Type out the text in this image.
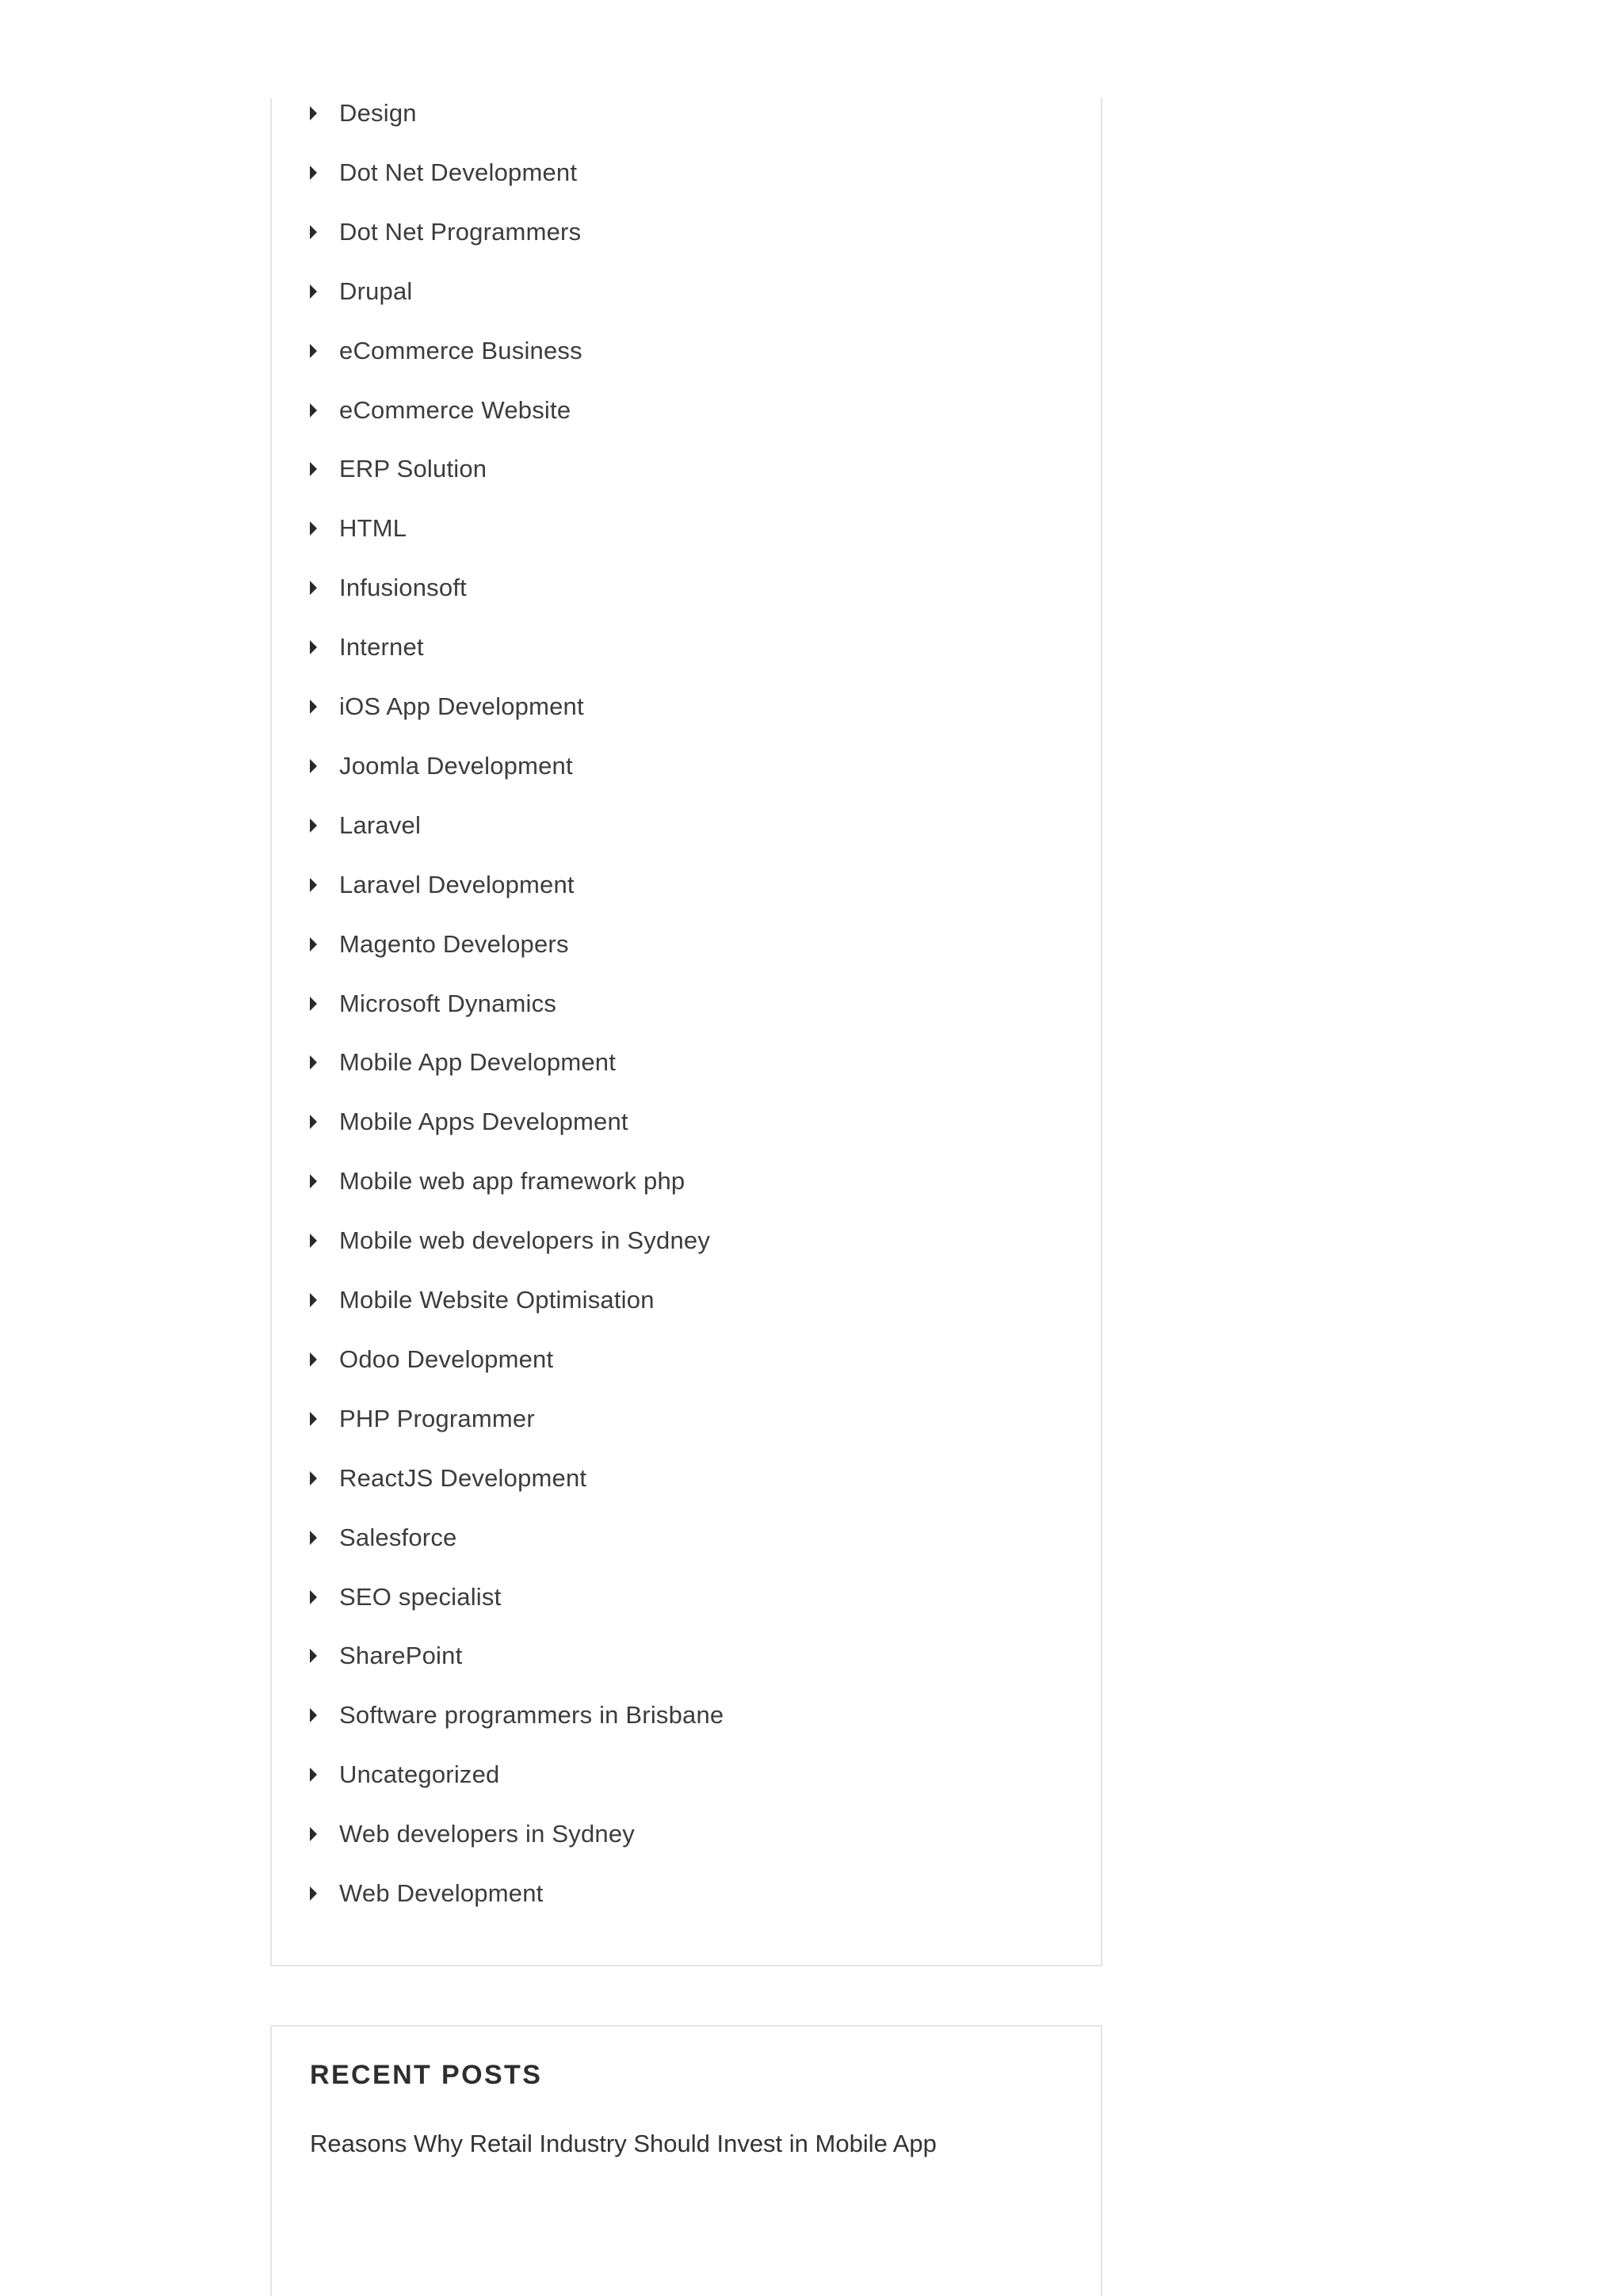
Design
Dot Net Development
Dot Net Programmers
Drupal
eCommerce Business
eCommerce Website
ERP Solution
HTML
Infusionsoft
Internet
iOS App Development
Joomla Development
Laravel
Laravel Development
Magento Developers
Microsoft Dynamics
Mobile App Development
Mobile Apps Development
Mobile web app framework php
Mobile web developers in Sydney
Mobile Website Optimisation
Odoo Development
PHP Programmer
ReactJS Development
Salesforce
SEO specialist
SharePoint
Software programmers in Brisbane
Uncategorized
Web developers in Sydney
Web Development
RECENT POSTS
Reasons Why Retail Industry Should Invest in Mobile App
